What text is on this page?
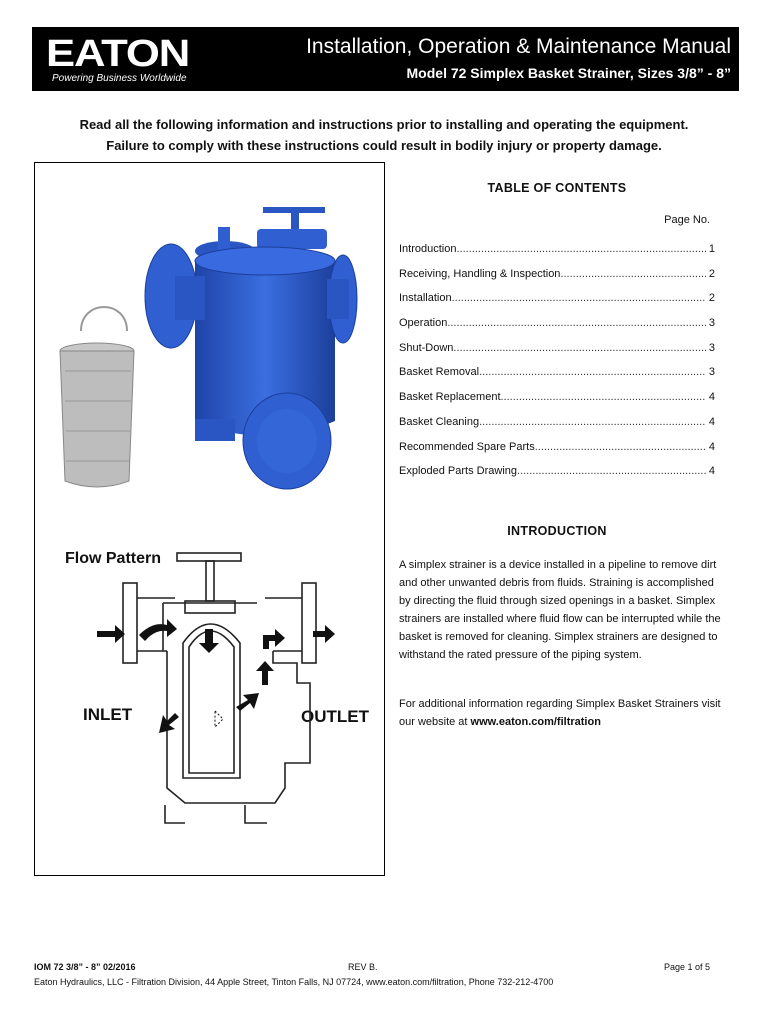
EATON
Powering Business Worldwide
Installation, Operation & Maintenance Manual
Model 72 Simplex Basket Strainer, Sizes 3/8” - 8”
Read all the following information and instructions prior to installing and operating the equipment.
Failure to comply with these instructions could result in bodily injury or property damage.
Flow Pattern
INLET	OUTLET
TABLE OF CONTENTS
Page No.
Introduction .....	1
Receiving, Handling & Inspection .....	2
Installation .....	2
Operation .....	3
Shut-Down .....	3
Basket Removal .....	3
Basket Replacement .....	4
Basket Cleaning .....	4
Recommended Spare Parts .....	4
Exploded Parts Drawing .....	4
INTRODUCTION
A simplex strainer is a device installed in a pipeline to remove dirt and other unwanted debris from fluids. Straining is accomplished by directing the fluid through sized openings in a basket. Simplex strainers are installed where fluid flow can be interrupted while the basket is removed for cleaning. Simplex strainers are designed to withstand the rated pressure of the piping system.
For additional information regarding Simplex Basket Strainers visit our website at www.eaton.com/filtration
IOM 72 3/8” - 8” 02/2016	REV B.	Page 1 of 5
Eaton Hydraulics, LLC - Filtration Division, 44 Apple Street, Tinton Falls, NJ 07724, www.eaton.com/filtration, Phone 732-212-4700
